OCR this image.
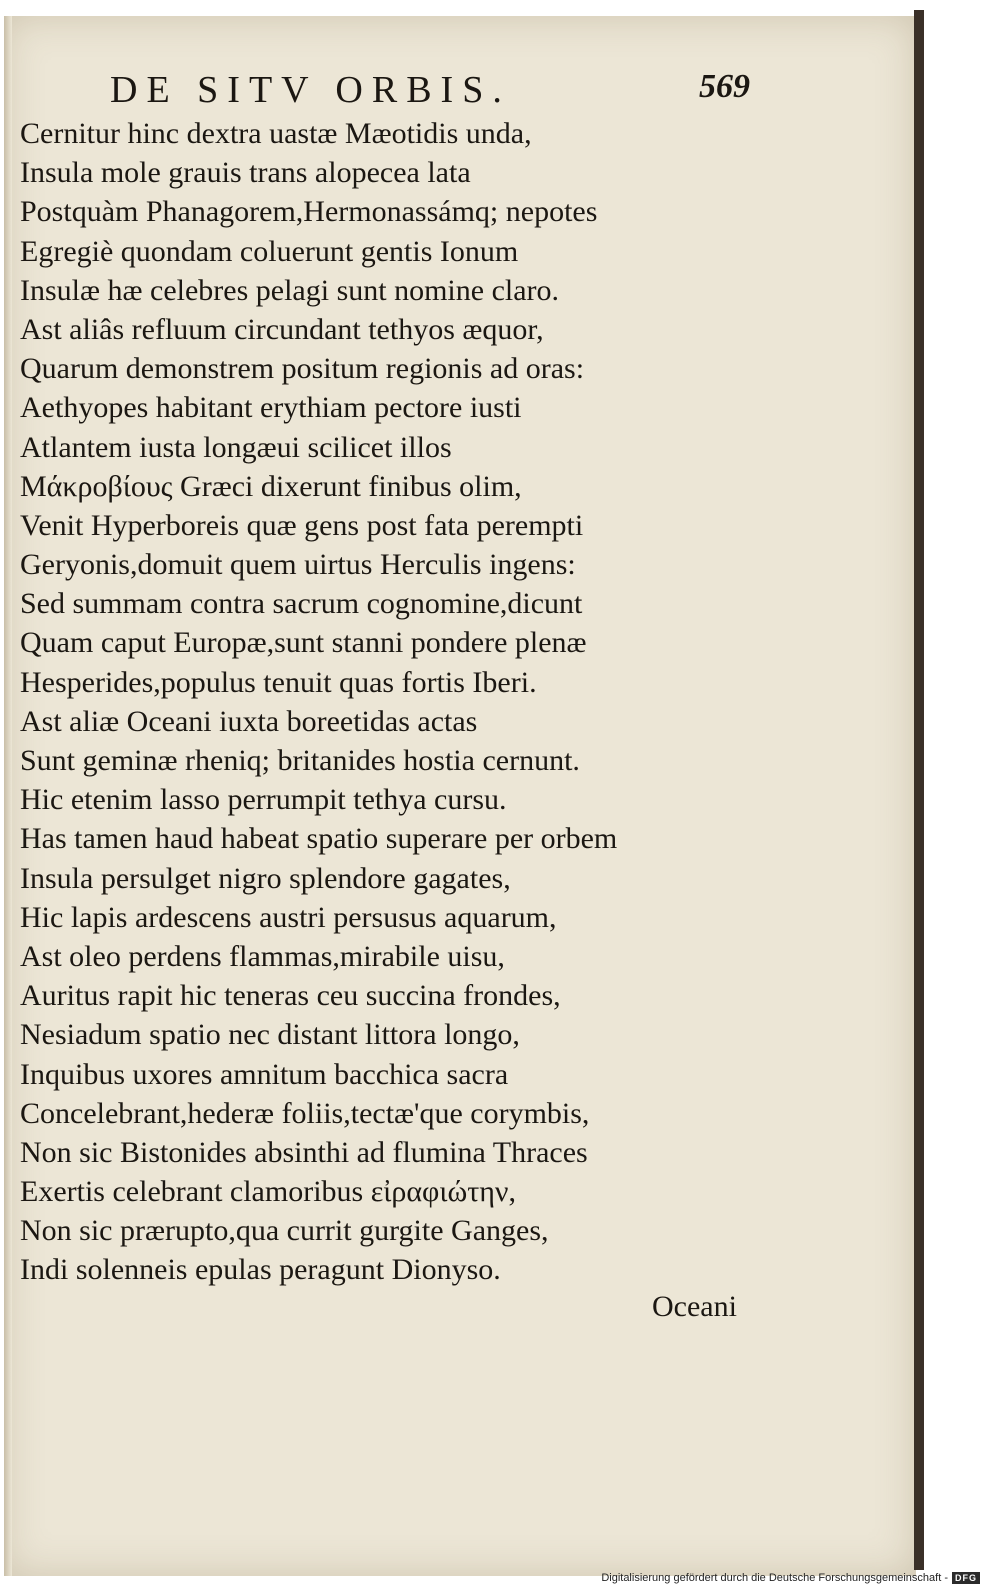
DE SITV ORBIS.	569
Cernitur hinc dextra uastæ Mæotidis unda,
Insula mole grauis trans alopecea lata
Postquàm Phanagorem,Hermonassámq; nepotes
Egregiè quondam coluerunt gentis Ionum
Insulæ hæ celebres pelagi sunt nomine claro.
Ast aliâs refluum circundant tethyos æquor,
Quarum demonstrem positum regionis ad oras:
Aethyopes habitant erythiam pectore iusti
Atlantem iusta longæui scilicet illos
Μάκροβίους Græci dixerunt finibus olim,
Venit Hyperboreis quæ gens post fata perempti
Geryonis,domuit quem uirtus Herculis ingens:
Sed summam contra sacrum cognomine,dicunt
Quam caput Europæ,sunt stanni pondere plenæ
Hesperides,populus tenuit quas fortis Iberi.
Ast aliæ Oceani iuxta boreetidas actas
Sunt geminæ rheniq; britanides hostia cernunt.
Hic etenim lasso perrumpit tethya cursu.
Has tamen haud habeat spatio superare per orbem
Insula persulget nigro splendore gagates,
Hic lapis ardescens austri persusus aquarum,
Ast oleo perdens flammas,mirabile uisu,
Auritus rapit hic teneras ceu succina frondes,
Nesiadum spatio nec distant littora longo,
Inquibus uxores amnitum bacchica sacra
Concelebrant,hederæ foliis,tectæ'que corymbis,
Non sic Bistonides absinthi ad flumina Thraces
Exertis celebrant clamoribus εἰραφιώτην,
Non sic prærupto,qua currit gurgite Ganges,
Indi solenneis epulas peragunt Dionyso.
Oceani
Digitalisierung gefördert durch die Deutsche Forschungsgemeinschaft - DFG
